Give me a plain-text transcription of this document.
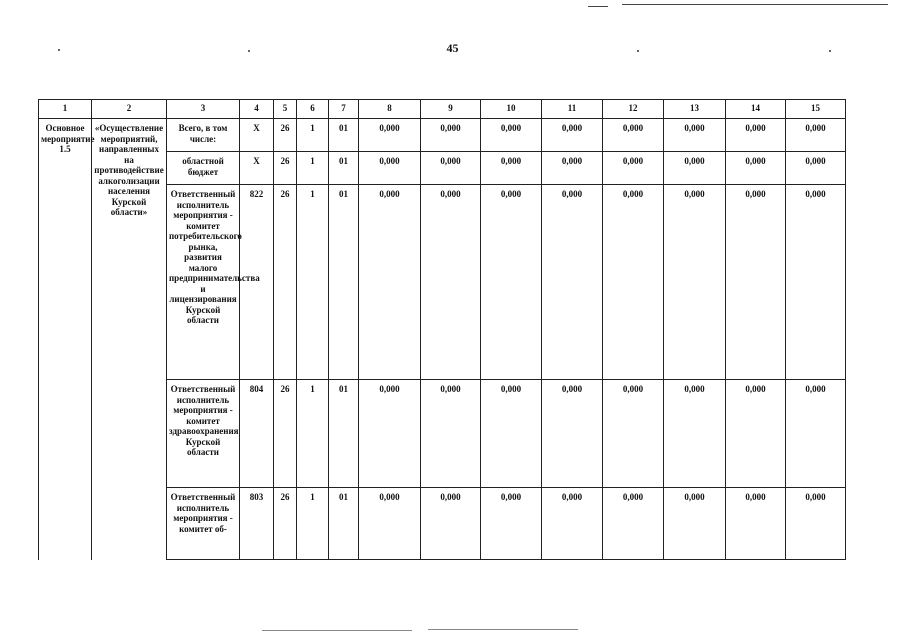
45
1	2	3	4	5	6	7	8	9	10	11	12	13	14	15
Основное мероприятие 1.5	«Осуществление мероприятий, направленных на противодействие алкоголизации населения Курской области»	Всего, в том числе:	Х	26	1	01	0,000	0,000	0,000	0,000	0,000	0,000	0,000	0,000
		областной бюджет	Х	26	1	01	0,000	0,000	0,000	0,000	0,000	0,000	0,000	0,000
		Ответственный исполнитель мероприятия - комитет потребительского рынка, развития малого предпринимательства и лицензирования Курской области	822	26	1	01	0,000	0,000	0,000	0,000	0,000	0,000	0,000	0,000
		Ответственный исполнитель мероприятия - комитет здравоохранения Курской области	804	26	1	01	0,000	0,000	0,000	0,000	0,000	0,000	0,000	0,000
		Ответственный исполнитель мероприятия - комитет об-	803	26	1	01	0,000	0,000	0,000	0,000	0,000	0,000	0,000	0,000
